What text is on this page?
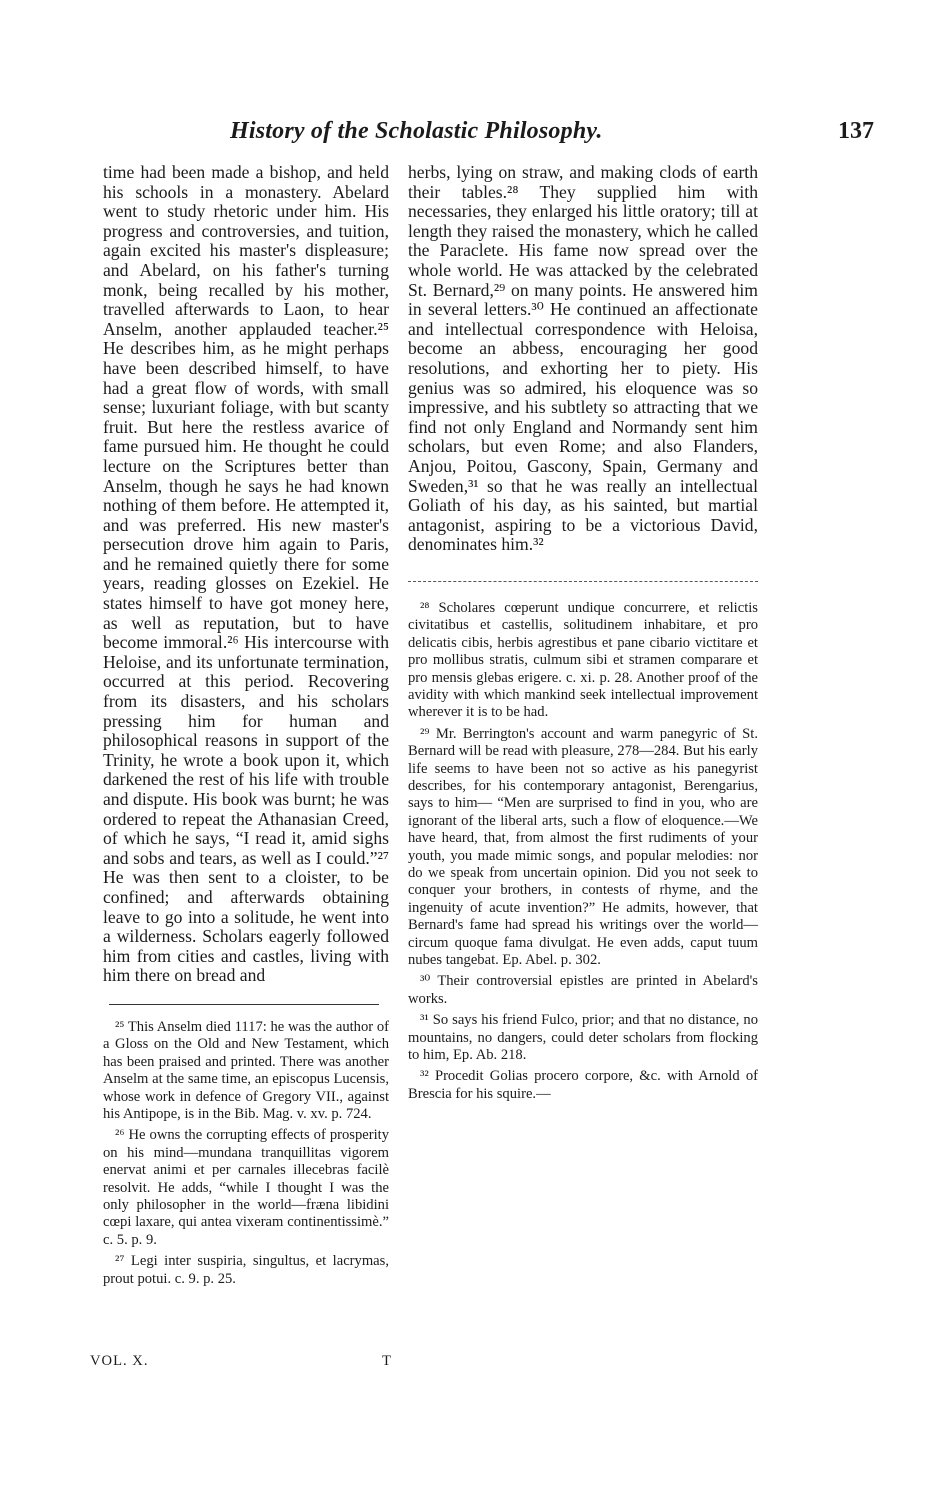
History of the Scholastic Philosophy.	137

time had been made a bishop, and held his schools in a monastery. Abelard went to study rhetoric under him. His progress and controversies, and tuition, again excited his master's displeasure; and Abelard, on his father's turning monk, being recalled by his mother, travelled afterwards to Laon, to hear Anselm, another applauded teacher.²⁵ He describes him, as he might perhaps have been described himself, to have had a great flow of words, with small sense; luxuriant foliage, with but scanty fruit. But here the restless avarice of fame pursued him. He thought he could lecture on the Scriptures better than Anselm, though he says he had known nothing of them before. He attempted it, and was preferred. His new master's persecution drove him again to Paris, and he remained quietly there for some years, reading glosses on Ezekiel. He states himself to have got money here, as well as reputation, but to have become immoral.²⁶ His intercourse with Heloise, and its unfortunate termination, occurred at this period. Recovering from its disasters, and his scholars pressing him for human and philosophical reasons in support of the Trinity, he wrote a book upon it, which darkened the rest of his life with trouble and dispute. His book was burnt; he was ordered to repeat the Athanasian Creed, of which he says, “I read it, amid sighs and sobs and tears, as well as I could.”²⁷ He was then sent to a cloister, to be confined; and afterwards obtaining leave to go into a solitude, he went into a wilderness. Scholars eagerly followed him from cities and castles, living with him there on bread and

²⁵ This Anselm died 1117: he was the author of a Gloss on the Old and New Testament, which has been praised and printed. There was another Anselm at the same time, an episcopus Lucensis, whose work in defence of Gregory VII., against his Antipope, is in the Bib. Mag. v. xv. p. 724.

²⁶ He owns the corrupting effects of prosperity on his mind—mundana tranquillitas vigorem enervat animi et per carnales illecebras facilè resolvit. He adds, “while I thought I was the only philosopher in the world—fræna libidini cœpi laxare, qui antea vixeram continentissimè.” c. 5. p. 9.

²⁷ Legi inter suspiria, singultus, et lacrymas, prout potui. c. 9. p. 25.

herbs, lying on straw, and making clods of earth their tables.²⁸ They supplied him with necessaries, they enlarged his little oratory; till at length they raised the monastery, which he called the Paraclete. His fame now spread over the whole world. He was attacked by the celebrated St. Bernard,²⁹ on many points. He answered him in several letters.³⁰ He continued an affectionate and intellectual correspondence with Heloisa, become an abbess, encouraging her good resolutions, and exhorting her to piety. His genius was so admired, his eloquence was so impressive, and his subtlety so attracting that we find not only England and Normandy sent him scholars, but even Rome; and also Flanders, Anjou, Poitou, Gascony, Spain, Germany and Sweden,³¹ so that he was really an intellectual Goliath of his day, as his sainted, but martial antagonist, aspiring to be a victorious David, denominates him.³²

²⁸ Scholares cœperunt undique concurrere, et relictis civitatibus et castellis, solitudinem inhabitare, et pro delicatis cibis, herbis agrestibus et pane cibario victitare et pro mollibus stratis, culmum sibi et stramen comparare et pro mensis glebas erigere. c. xi. p. 28. Another proof of the avidity with which mankind seek intellectual improvement wherever it is to be had.

²⁹ Mr. Berrington's account and warm panegyric of St. Bernard will be read with pleasure, 278—284. But his early life seems to have been not so active as his panegyrist describes, for his contemporary antagonist, Berengarius, says to him— “Men are surprised to find in you, who are ignorant of the liberal arts, such a flow of eloquence.—We have heard, that, from almost the first rudiments of your youth, you made mimic songs, and popular melodies: nor do we speak from uncertain opinion. Did you not seek to conquer your brothers, in contests of rhyme, and the ingenuity of acute invention?” He admits, however, that Bernard's fame had spread his writings over the world—circum quoque fama divulgat. He even adds, caput tuum nubes tangebat. Ep. Abel. p. 302.

³⁰ Their controversial epistles are printed in Abelard's works.

³¹ So says his friend Fulco, prior; and that no distance, no mountains, no dangers, could deter scholars from flocking to him, Ep. Ab. 218.

³² Procedit Golias procero corpore, &c. with Arnold of Brescia for his squire.—

VOL. X.	T
